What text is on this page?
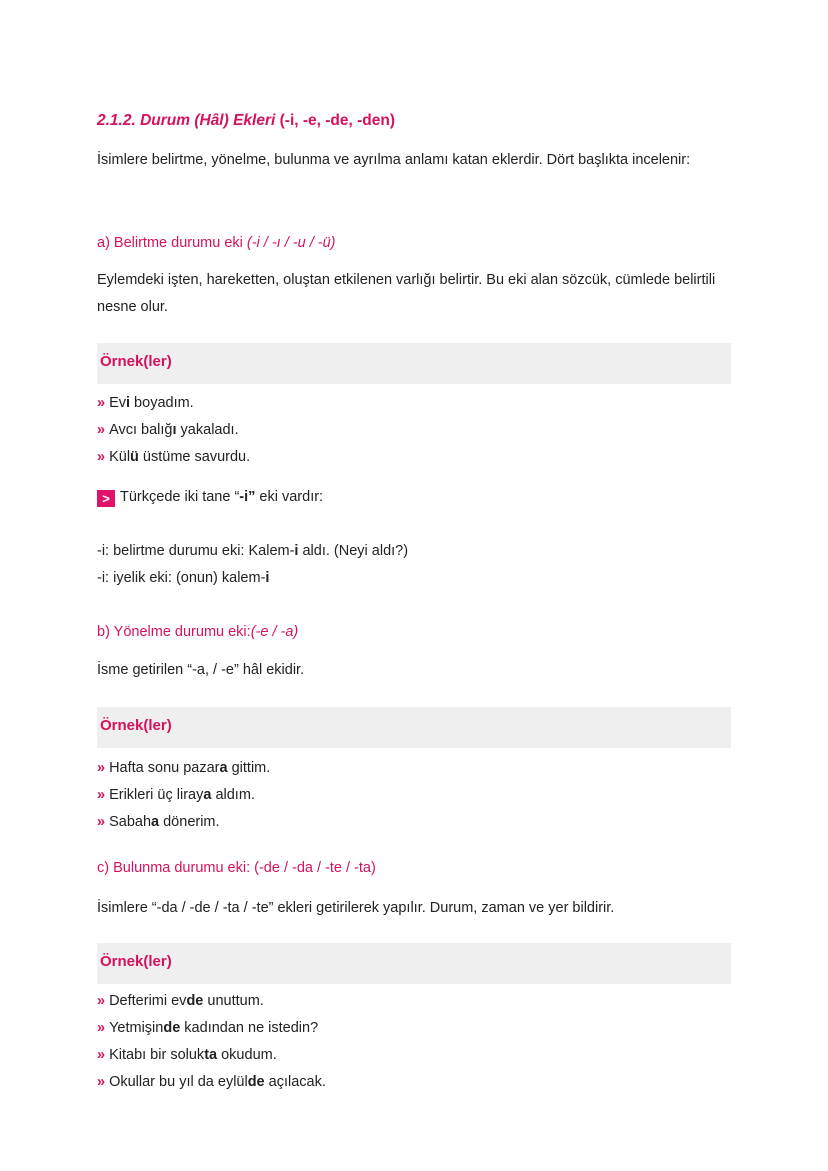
2.1.2. Durum (Hâl) Ekleri (-i, -e, -de, -den)
İsimlere belirtme, yönelme, bulunma ve ayrılma anlamı katan eklerdir. Dört başlıkta incelenir:
a) Belirtme durumu eki (-i / -ı / -u / -ü)
Eylemdeki işten, hareketten, oluştan etkilenen varlığı belirtir. Bu eki alan sözcük, cümlede belirtili nesne olur.
Örnek(ler)
» Evi boyadım.
» Avcı balığı yakaladı.
» Külü üstüme savurdu.
> Türkçede iki tane “-i” eki vardır:
-i: belirtme durumu eki: Kalem-i aldı. (Neyi aldı?)
-i: iyelik eki: (onun) kalem-i
b) Yönelme durumu eki:(-e / -a)
İsme getirilen “-a, / -e” hâl ekidir.
Örnek(ler)
» Hafta sonu pazara gittim.
» Erikleri üç liraya aldım.
» Sabaha dönerim.
c) Bulunma durumu eki: (-de / -da / -te / -ta)
İsimlere “-da / -de / -ta / -te” ekleri getirilerek yapılır. Durum, zaman ve yer bildirir.
Örnek(ler)
» Defterimi evde unuttum.
» Yetmişinde kadından ne istedin?
» Kitabı bir solukta okudum.
» Okullar bu yıl da eylülde açılacak.
